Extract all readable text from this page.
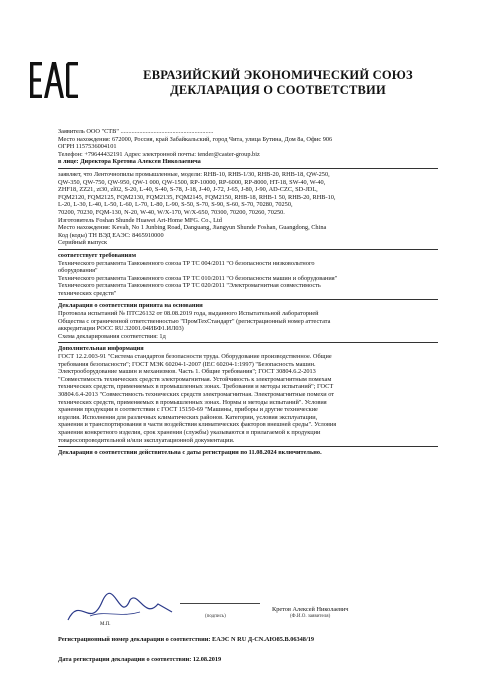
ЕВРАЗИЙСКИЙ ЭКОНОМИЧЕСКИЙ СОЮЗ
ДЕКЛАРАЦИЯ О СООТВЕТСТВИИ
Заявитель ООО "СТВ" ...........................................................
Место нахождения: 672000, Россия, край Забайкальский, город Чита, улица Бутина, Дом 8а, Офис 906
ОГРН 1157536004101
Телефон: +79644432191 Адрес электронной почты: tender@caster-group.biz
в лице: Директора Кретова Алексея Николаевича
заявляет, что Ленточнопилы промышленные, модели: RHB-10, RHB-1/30, RHB-20, RHB-18, QW-250,
QW-350, QW-750, QW-950, QW-1 000, QW-1500, RP-10000, RP-6000, RP-8000, HT-18, SW-40, W-40,
ZHF18, ZZ21, zt30, zl02, S-20, L-40, S-40, S-78, J-18, J-40, J-72, J-65, J-80, J-90, AD-CZC, SD-JDL,
FQM2120, FQM2125, FQM2130, FQM2135, FQM2145, FQM2150, RHB-18, RHB-1 50, RHB-20, RHB-10,
L-20, L-30, L-40, L-50, L-60, L-70, L-80, L-90, S-50, S-70, S-90, S-60, S-70, 70280, 70250,
70200, 70230, FQM-130, N-20, W-40, W/X-170, W/X-650, 70300, 70200, 70260, 70250.
Изготовитель Foshan Shunde Huawei Art-Home MFG. Co., Ltd
Место нахождения: Kevah, No 1 Junbing Road, Danguang, Jiangyun Shunde Foshan, Guangdong, China
Код (коды) ТН ВЭД ЕАЭС: 8465910000
Серийный выпуск
соответствует требованиям
Технического регламента Таможенного союза ТР ТС 004/2011 "О безопасности низковольтного
оборудования"
Технического регламента Таможенного союза ТР ТС 010/2011 "О безопасности машин и оборудования"
Технического регламента Таможенного союза ТР ТС 020/2011 "Электромагнитная совместимость
технических средств"
Декларация о соответствии принята на основании
Протокола испытаний № ПТС26132 от 08.08.2019 года, выданного Испытательной лабораторией
Общества с ограниченной ответственностью "ПромТехСтандарт" (регистрационный номер аттестата
аккредитации РОСС RU.32001.04ИБФ1.ИЛ03)
Схема декларирования соответствия: 1д
Дополнительная информация
ГОСТ 12.2.003-91 "Система стандартов безопасности труда. Оборудование производственное. Общие
требования безопасности"; ГОСТ МЭК 60204-1-2007 (IEC 60204-1:1997) "Безопасность машин.
Электрооборудование машин и механизмов. Часть 1. Общие требования"; ГОСТ 30804.6.2-2013
"Совместимость технических средств электромагнитная. Устойчивость к электромагнитным помехам
технических средств, применяемых в промышленных зонах. Требования и методы испытаний"; ГОСТ
30804.6.4-2013 "Совместимость технических средств электромагнитная. Электромагнитные помехи от
технических средств, применяемых в промышленных зонах. Нормы и методы испытаний". Условия
хранения продукции в соответствии с ГОСТ 15150-69 "Машины, приборы и другие технические
изделия. Исполнения для различных климатических районов. Категории, условия эксплуатации,
хранения и транспортирования в части воздействия климатических факторов внешней среды". Условия
хранения конкретного изделия, срок хранения (службы) указываются в прилагаемой к продукции
товаросопроводительной и/или эксплуатационной документации.
Декларация о соответствии действительна с даты регистрации по 11.08.2024 включительно.
Кретов Алексей Николаевич
(подпись)	(Ф.И.О. заявителя)
М.П.
Регистрационный номер декларации о соответствии: ЕАЭС N RU Д-CN.АЮ85.В.06348/19
Дата регистрации декларации о соответствии: 12.08.2019
